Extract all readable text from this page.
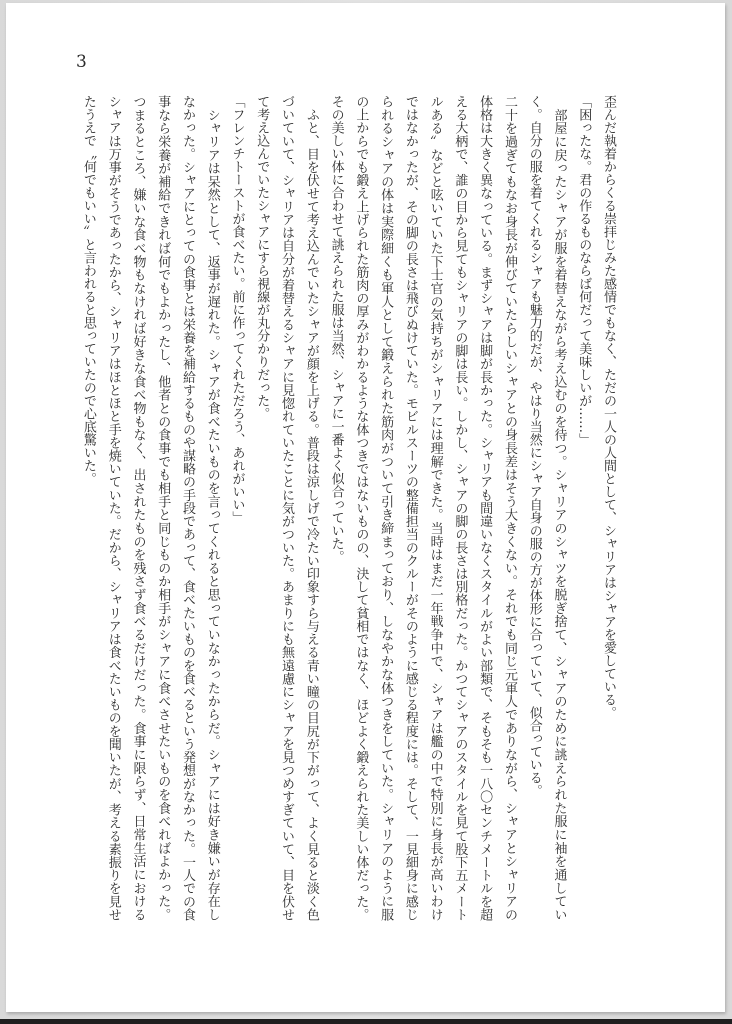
3
歪んだ執着からくる崇拝じみた感情でもなく、ただの一人の人間として、シャリアはシャアを愛している。
「困ったな。君の作るものならば何だって美味しいが……」
　部屋に戻ったシャアが服を着替えながら考え込むのを待つ。シャリアのシャツを脱ぎ捨て、シャアのために誂えられた服に袖を通してい
く。自分の服を着てくれるシャアも魅力的だが、やはり当然にシャア自身の服の方が体形に合っていて、似合っている。
二十を過ぎてもなお身長が伸びていたらしいシャアとの身長差はそう大きくない。それでも同じ元軍人でありながら、シャアとシャリアの
体格は大きく異なっている。まずシャアは脚が長かった。シャリアも間違いなくスタイルがよい部類で、そもそも一八〇センチメートルを超
える大柄で、誰の目から見てもシャリアの脚は長い。しかし、シャアの脚の長さは別格だった。かつてシャアのスタイルを見て股下五メート
ルある〟などと呟いていた下士官の気持ちがシャリアには理解できた。当時はまだ一年戦争中で、シャアは艦の中で特別に身長が高いわけ
ではなかったが、その脚の長さは飛びぬけていた。モビルスーツの整備担当のクルーがそのように感じる程度には。そして、一見細身に感じ
られるシャアの体は実際細くも軍人として鍛えられた筋肉がついて引き締まっており、しなやかな体つきをしていた。シャリアのように服
の上からでも鍛え上げられた筋肉の厚みがわかるような体つきではないものの、決して貧相ではなく、ほどよく鍛えられた美しい体だった。
その美しい体に合わせて誂えられた服は当然、シャアに一番よく似合っていた。
　ふと、目を伏せて考え込んでいたシャアが顔を上げる。普段は涼しげで冷たい印象すら与える青い瞳の目尻が下がって、よく見ると淡く色
づいていて、シャリアは自分が着替えるシャアに見惚れていたことに気がついた。あまりにも無遠慮にシャアを見つめすぎていて、目を伏せ
て考え込んでいたシャアにすら視線が丸分かりだった。
「フレンチトーストが食べたい。前に作ってくれただろう、あれがいい」
　シャリアは呆然として、返事が遅れた。シャアが食べたいものを言ってくれると思っていなかったからだ。シャアには好き嫌いが存在し
なかった。シャアにとっての食事とは栄養を補給するものや謀略の手段であって、食べたいものを食べるという発想がなかった。一人での食
事なら栄養が補給できれば何でもよかったし、他者との食事でも相手と同じものか相手がシャアに食べさせたいものを食べればよかった。
つまるところ、嫌いな食べ物もなければ好きな食べ物もなく、出されたものを残さず食べるだけだった。食事に限らず、日常生活における
シャアは万事がそうであったから、シャリアはほとほと手を焼いていた。だから、シャリアは食べたいものを聞いたが、考える素振りを見せ
たうえで〝何でもいい〟と言われると思っていたので心底驚いた。
